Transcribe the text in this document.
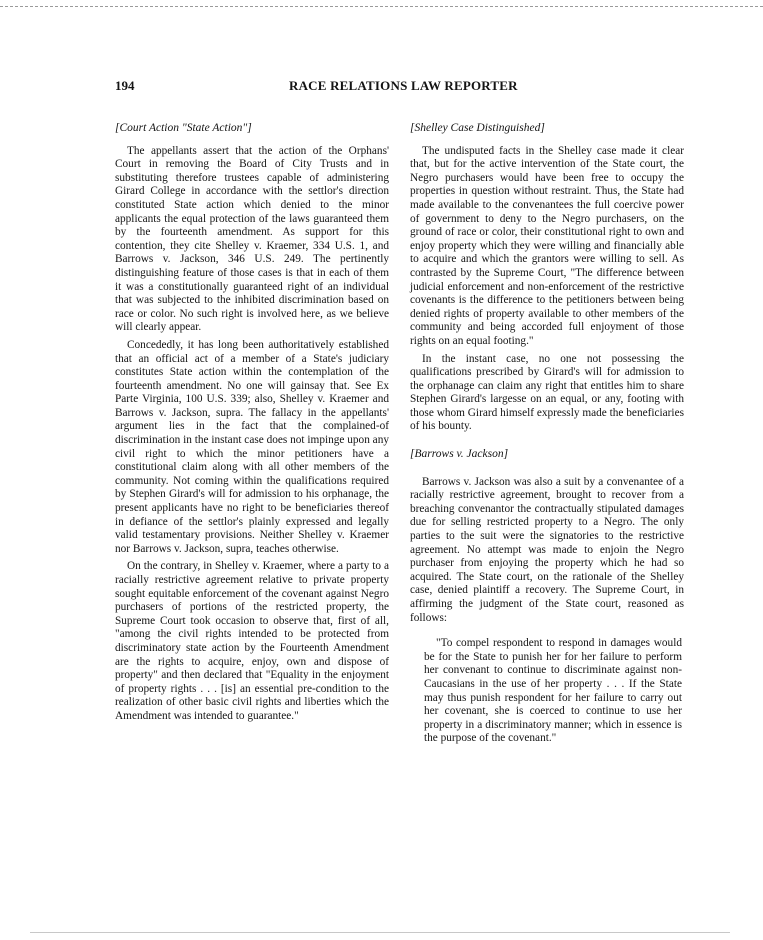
194	RACE RELATIONS LAW REPORTER

[Court Action "State Action"]

The appellants assert that the action of the Orphans' Court in removing the Board of City Trusts and in substituting therefore trustees capable of administering Girard College in accordance with the settlor's direction constituted State action which denied to the minor applicants the equal protection of the laws guaranteed them by the fourteenth amendment. As support for this contention, they cite Shelley v. Kraemer, 334 U.S. 1, and Barrows v. Jackson, 346 U.S. 249. The pertinently distinguishing feature of those cases is that in each of them it was a constitutionally guaranteed right of an individual that was subjected to the inhibited discrimination based on race or color. No such right is involved here, as we believe will clearly appear.

Concededly, it has long been authoritatively established that an official act of a member of a State's judiciary constitutes State action within the contemplation of the fourteenth amendment. No one will gainsay that. See Ex Parte Virginia, 100 U.S. 339; also, Shelley v. Kraemer and Barrows v. Jackson, supra. The fallacy in the appellants' argument lies in the fact that the complained-of discrimination in the instant case does not impinge upon any civil right to which the minor petitioners have a constitutional claim along with all other members of the community. Not coming within the qualifications required by Stephen Girard's will for admission to his orphanage, the present applicants have no right to be beneficiaries thereof in defiance of the settlor's plainly expressed and legally valid testamentary provisions. Neither Shelley v. Kraemer nor Barrows v. Jackson, supra, teaches otherwise.

On the contrary, in Shelley v. Kraemer, where a party to a racially restrictive agreement relative to private property sought equitable enforcement of the covenant against Negro purchasers of portions of the restricted property, the Supreme Court took occasion to observe that, first of all, "among the civil rights intended to be protected from discriminatory state action by the Fourteenth Amendment are the rights to acquire, enjoy, own and dispose of property" and then declared that "Equality in the enjoyment of property rights . . . [is] an essential pre-condition to the realization of other basic civil rights and liberties which the Amendment was intended to guarantee."

[Shelley Case Distinguished]

The undisputed facts in the Shelley case made it clear that, but for the active intervention of the State court, the Negro purchasers would have been free to occupy the properties in question without restraint. Thus, the State had made available to the convenantees the full coercive power of government to deny to the Negro purchasers, on the ground of race or color, their constitutional right to own and enjoy property which they were willing and financially able to acquire and which the grantors were willing to sell. As contrasted by the Supreme Court, "The difference between judicial enforcement and non-enforcement of the restrictive covenants is the difference to the petitioners between being denied rights of property available to other members of the community and being accorded full enjoyment of those rights on an equal footing."

In the instant case, no one not possessing the qualifications prescribed by Girard's will for admission to the orphanage can claim any right that entitles him to share Stephen Girard's largesse on an equal, or any, footing with those whom Girard himself expressly made the beneficiaries of his bounty.

[Barrows v. Jackson]

Barrows v. Jackson was also a suit by a convenantee of a racially restrictive agreement, brought to recover from a breaching convenantor the contractually stipulated damages due for selling restricted property to a Negro. The only parties to the suit were the signatories to the restrictive agreement. No attempt was made to enjoin the Negro purchaser from enjoying the property which he had so acquired. The State court, on the rationale of the Shelley case, denied plaintiff a recovery. The Supreme Court, in affirming the judgment of the State court, reasoned as follows:

"To compel respondent to respond in damages would be for the State to punish her for her failure to perform her convenant to continue to discriminate against non-Caucasians in the use of her property . . . If the State may thus punish respondent for her failure to carry out her covenant, she is coerced to continue to use her property in a discriminatory manner; which in essence is the purpose of the covenant."
